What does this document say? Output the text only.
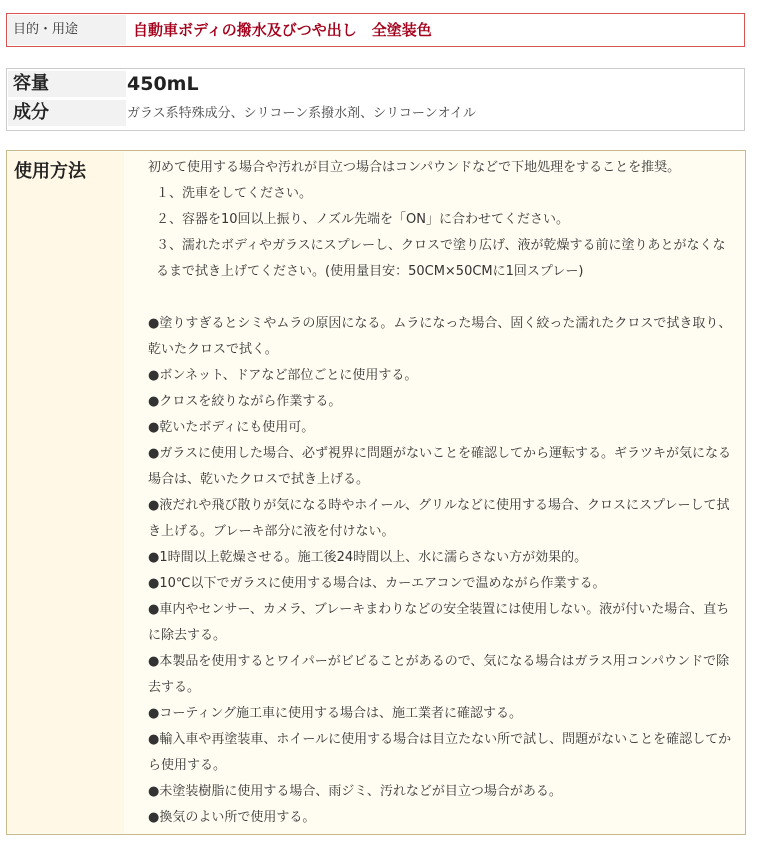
目的・用途	自動車ボディの撥水及びつや出し　全塗装色
容量	450mL
成分	ガラス系特殊成分、シリコーン系撥水剤、シリコーンオイル
使用方法	初めて使用する場合や汚れが目立つ場合はコンパウンドなどで下地処理をすることを推奨。

１、洗車をしてください。

２、容器を10回以上振り、ノズル先端を「ON」に合わせてください。

３、濡れたボディやガラスにスプレーし、クロスで塗り広げ、液が乾燥する前に塗りあとがなくなるまで拭き上げてください。(使用量目安：50CM×50CMに1回スプレー)

●塗りすぎるとシミやムラの原因になる。ムラになった場合、固く絞った濡れたクロスで拭き取り、乾いたクロスで拭く。

●ボンネット、ドアなど部位ごとに使用する。

●クロスを絞りながら作業する。

●乾いたボディにも使用可。

●ガラスに使用した場合、必ず視界に問題がないことを確認してから運転する。ギラツキが気になる場合は、乾いたクロスで拭き上げる。

●液だれや飛び散りが気になる時やホイール、グリルなどに使用する場合、クロスにスプレーして拭き上げる。ブレーキ部分に液を付けない。

●1時間以上乾燥させる。施工後24時間以上、水に濡らさない方が効果的。

●10℃以下でガラスに使用する場合は、カーエアコンで温めながら作業する。

●車内やセンサー、カメラ、ブレーキまわりなどの安全装置には使用しない。液が付いた場合、直ちに除去する。

●本製品を使用するとワイパーがビビることがあるので、気になる場合はガラス用コンパウンドで除去する。

●コーティング施工車に使用する場合は、施工業者に確認する。

●輸入車や再塗装車、ホイールに使用する場合は目立たない所で試し、問題がないことを確認してから使用する。

●未塗装樹脂に使用する場合、雨ジミ、汚れなどが目立つ場合がある。

●換気のよい所で使用する。
